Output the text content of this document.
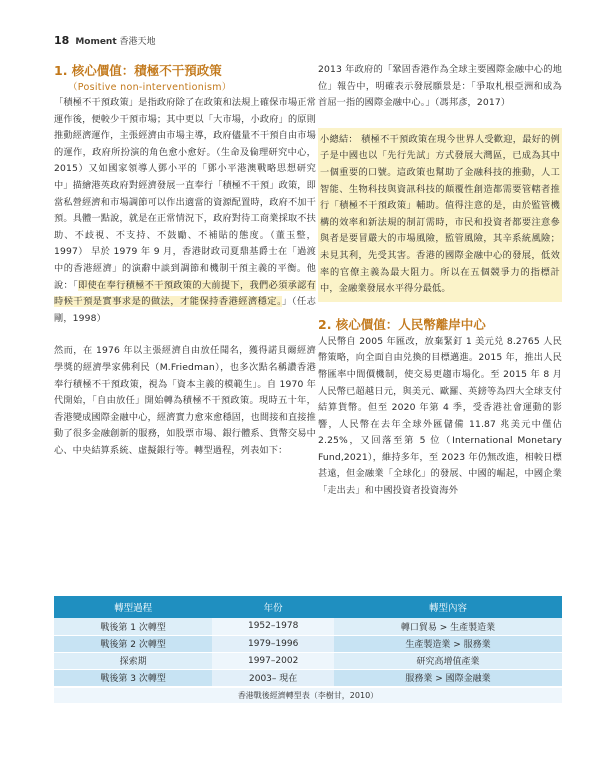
18 Moment 香港天地
1. 核心價值：積極不干預政策
（Positive non-interventionism）

「積極不干預政策」是指政府除了在政策和法規上確保市場正常運作後，便較少干預市場；其中更以「大市場，小政府」的原則推動經濟運作，主張經濟由市場主導，政府儘量不干預自由市場的運作，政府所扮演的角色愈小愈好。（生命及倫理研究中心，2015）又如國家領導人鄧小平的「鄧小平港澳戰略思想研究中」描繪港英政府對經濟發展一直奉行「積極不干預」政策，即當私營經濟和市場調節可以作出適當的資源配置時，政府不加干預。具體一點說，就是在正常情況下，政府對待工商業採取不扶助、不歧視、不支持、不鼓勵、不補貼的態度。（董玉整，1997） 早於 1979 年 9 月，香港財政司夏鼎基爵士在「過渡中的香港經濟」的演辭中談到調節和機制干預主義的平衡。他說：「即使在奉行積極不干預政策的大前提下，我們必須承認有時候干預是實事求是的做法，才能保持香港經濟穩定。」（任志剛，1998）

然而，在 1976 年以主張經濟自由放任聞名，獲得諾貝爾經濟學獎的經濟學家佛利民（M.Friedman），也多次點名稱讚香港奉行積極不干預政策，視為「資本主義的模範生」。自 1970 年代開始，「自由放任」開始轉為積極不干預政策。現時五十年，香港變成國際金融中心，經濟實力愈來愈穩固，也間接和直接推動了很多金融創新的服務，如股票市場、銀行體系、貨幣交易中心、中央結算系統、虛擬銀行等。轉型過程，列表如下：

2013 年政府的「鞏固香港作為全球主要國際金融中心的地位」報告中，明確表示發展願景是：「爭取札根亞洲和成為首屈一指的國際金融中心。」（馮邦彥，2017）

小總結： 積極不干預政策在現今世界人受歡迎，最好的例子是中國也以「先行先試」方式發展大灣區，已成為其中一個重要的口號。這政策也幫助了金融科技的推動，人工智能、生物科技與資訊科技的顛覆性創造都需要管轄者推行「積極不干預政策」輔助。值得注意的是，由於監管機構的效率和新法規的制訂需時，市民和投資者都要注意參與者是要冒嚴大的市場風險，監管風險，其辛系統風險；未見其利，先受其害。香港的國際金融中心的發展，低效率的官僚主義為最大阻力。所以在五個競爭力的指標計中，金融業發展水平得分最低。
2. 核心價值：人民幣離岸中心

人民幣自 2005 年匯改，放棄緊釘 1 美元兑 8.2765 人民幣策略，向全面自由兑換的目標邁進。2015 年，推出人民幣匯率中間價機制，使交易更趨市場化。至 2015 年 8 月人民幣已超越日元，與美元、歐羅、英鎊等為四大全球支付結算貨幣。但至 2020 年第 4 季，受香港社會運動的影響，人民幣在去年全球外匯儲備 11.87 兆美元中僅佔 2.25%，又回落至第 5 位（International Monetary Fund,2021），維持多年，至 2023 年仍無改進，相較日標甚遠，但金融業「全球化」的發展、中國的崛起，中國企業「走出去」和中國投資者投資海外

轉型過程	年份	轉型內容
戰後第 1 次轉型	1952–1978	轉口貿易 > 生產製造業
戰後第 2 次轉型	1979–1996	生產製造業 > 服務業
探索期	1997–2002	研究高增值產業
戰後第 3 次轉型	2003– 現在	服務業 > 國際金融業
香港戰後經濟轉型表（李樹甘，2010）
